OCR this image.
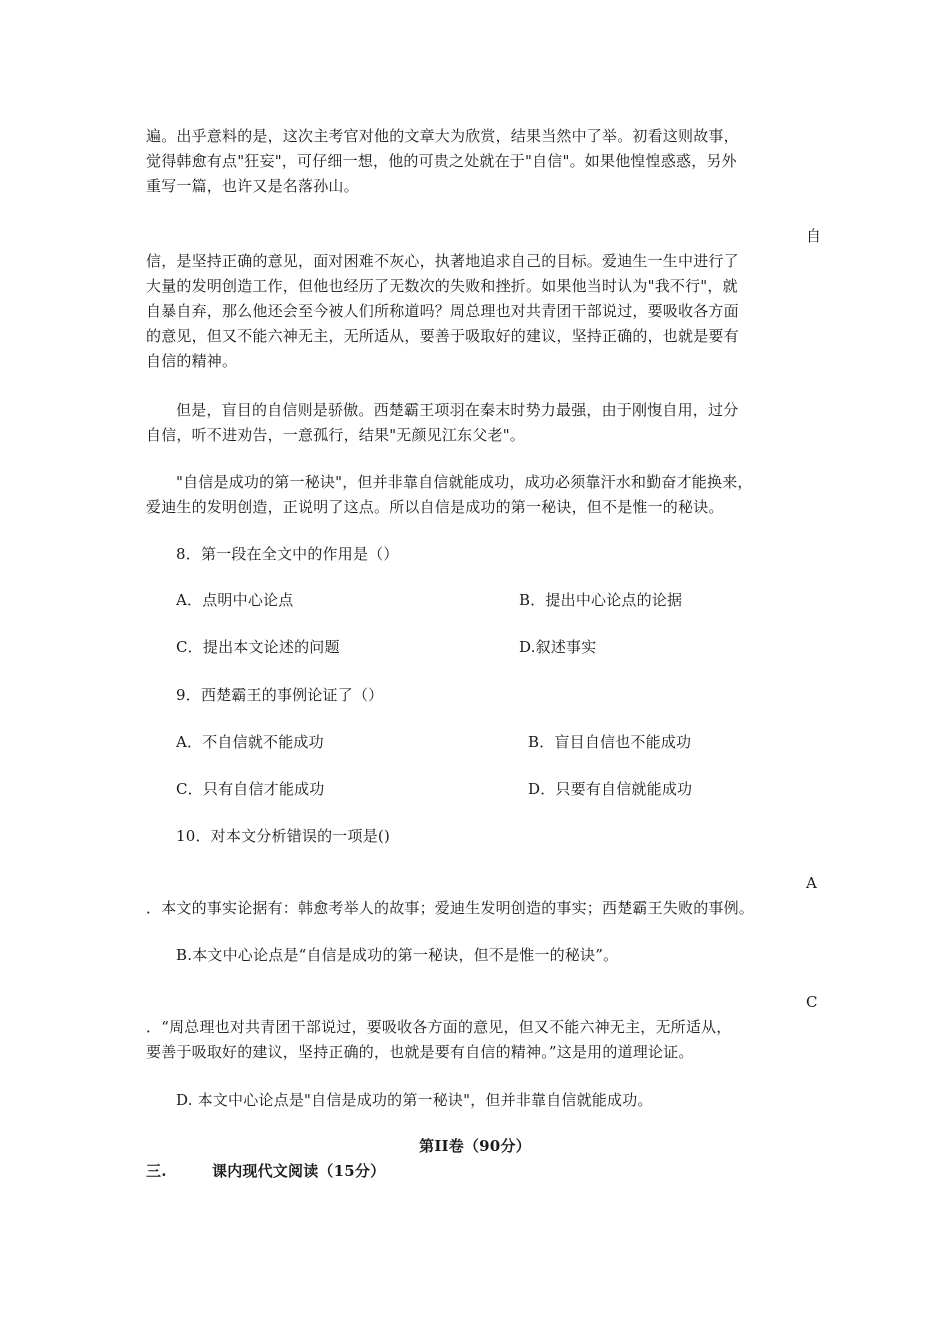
遍。出乎意料的是，这次主考官对他的文章大为欣赏，结果当然中了举。初看这则故事，
觉得韩愈有点"狂妄"，可仔细一想，他的可贵之处就在于"自信"。如果他惶惶惑惑，另外
重写一篇，也许又是名落孙山。
自
信，是坚持正确的意见，面对困难不灰心，执著地追求自己的目标。爱迪生一生中进行了
大量的发明创造工作，但他也经历了无数次的失败和挫折。如果他当时认为"我不行"，就
自暴自弃，那么他还会至今被人们所称道吗？周总理也对共青团干部说过，要吸收各方面
的意见，但又不能六神无主，无所适从，要善于吸取好的建议，坚持正确的，也就是要有
自信的精神。
但是，盲目的自信则是骄傲。西楚霸王项羽在秦末时势力最强，由于刚愎自用，过分
自信，听不进劝告，一意孤行，结果"无颜见江东父老"。
"自信是成功的第一秘诀"，但并非靠自信就能成功，成功必须靠汗水和勤奋才能换来，
爱迪生的发明创造，正说明了这点。所以自信是成功的第一秘诀，但不是惟一的秘诀。
8．第一段在全文中的作用是（）
A．点明中心论点	B．提出中心论点的论据
C．提出本文论述的问题	D.叙述事实
9．西楚霸王的事例论证了（）
A．不自信就不能成功	B．盲目自信也不能成功
C．只有自信才能成功	D．只要有自信就能成功
10．对本文分析错误的一项是()
A
．本文的事实论据有：韩愈考举人的故事；爱迪生发明创造的事实；西楚霸王失败的事例。
B.本文中心论点是“自信是成功的第一秘诀，但不是惟一的秘诀”。
C
．“周总理也对共青团干部说过，要吸收各方面的意见，但又不能六神无主，无所适从，
要善于吸取好的建议，坚持正确的，也就是要有自信的精神。”这是用的道理论证。
D. 本文中心论点是"自信是成功的第一秘诀"，但并非靠自信就能成功。
第II卷（90分）
三.	课内现代文阅读（15分）
